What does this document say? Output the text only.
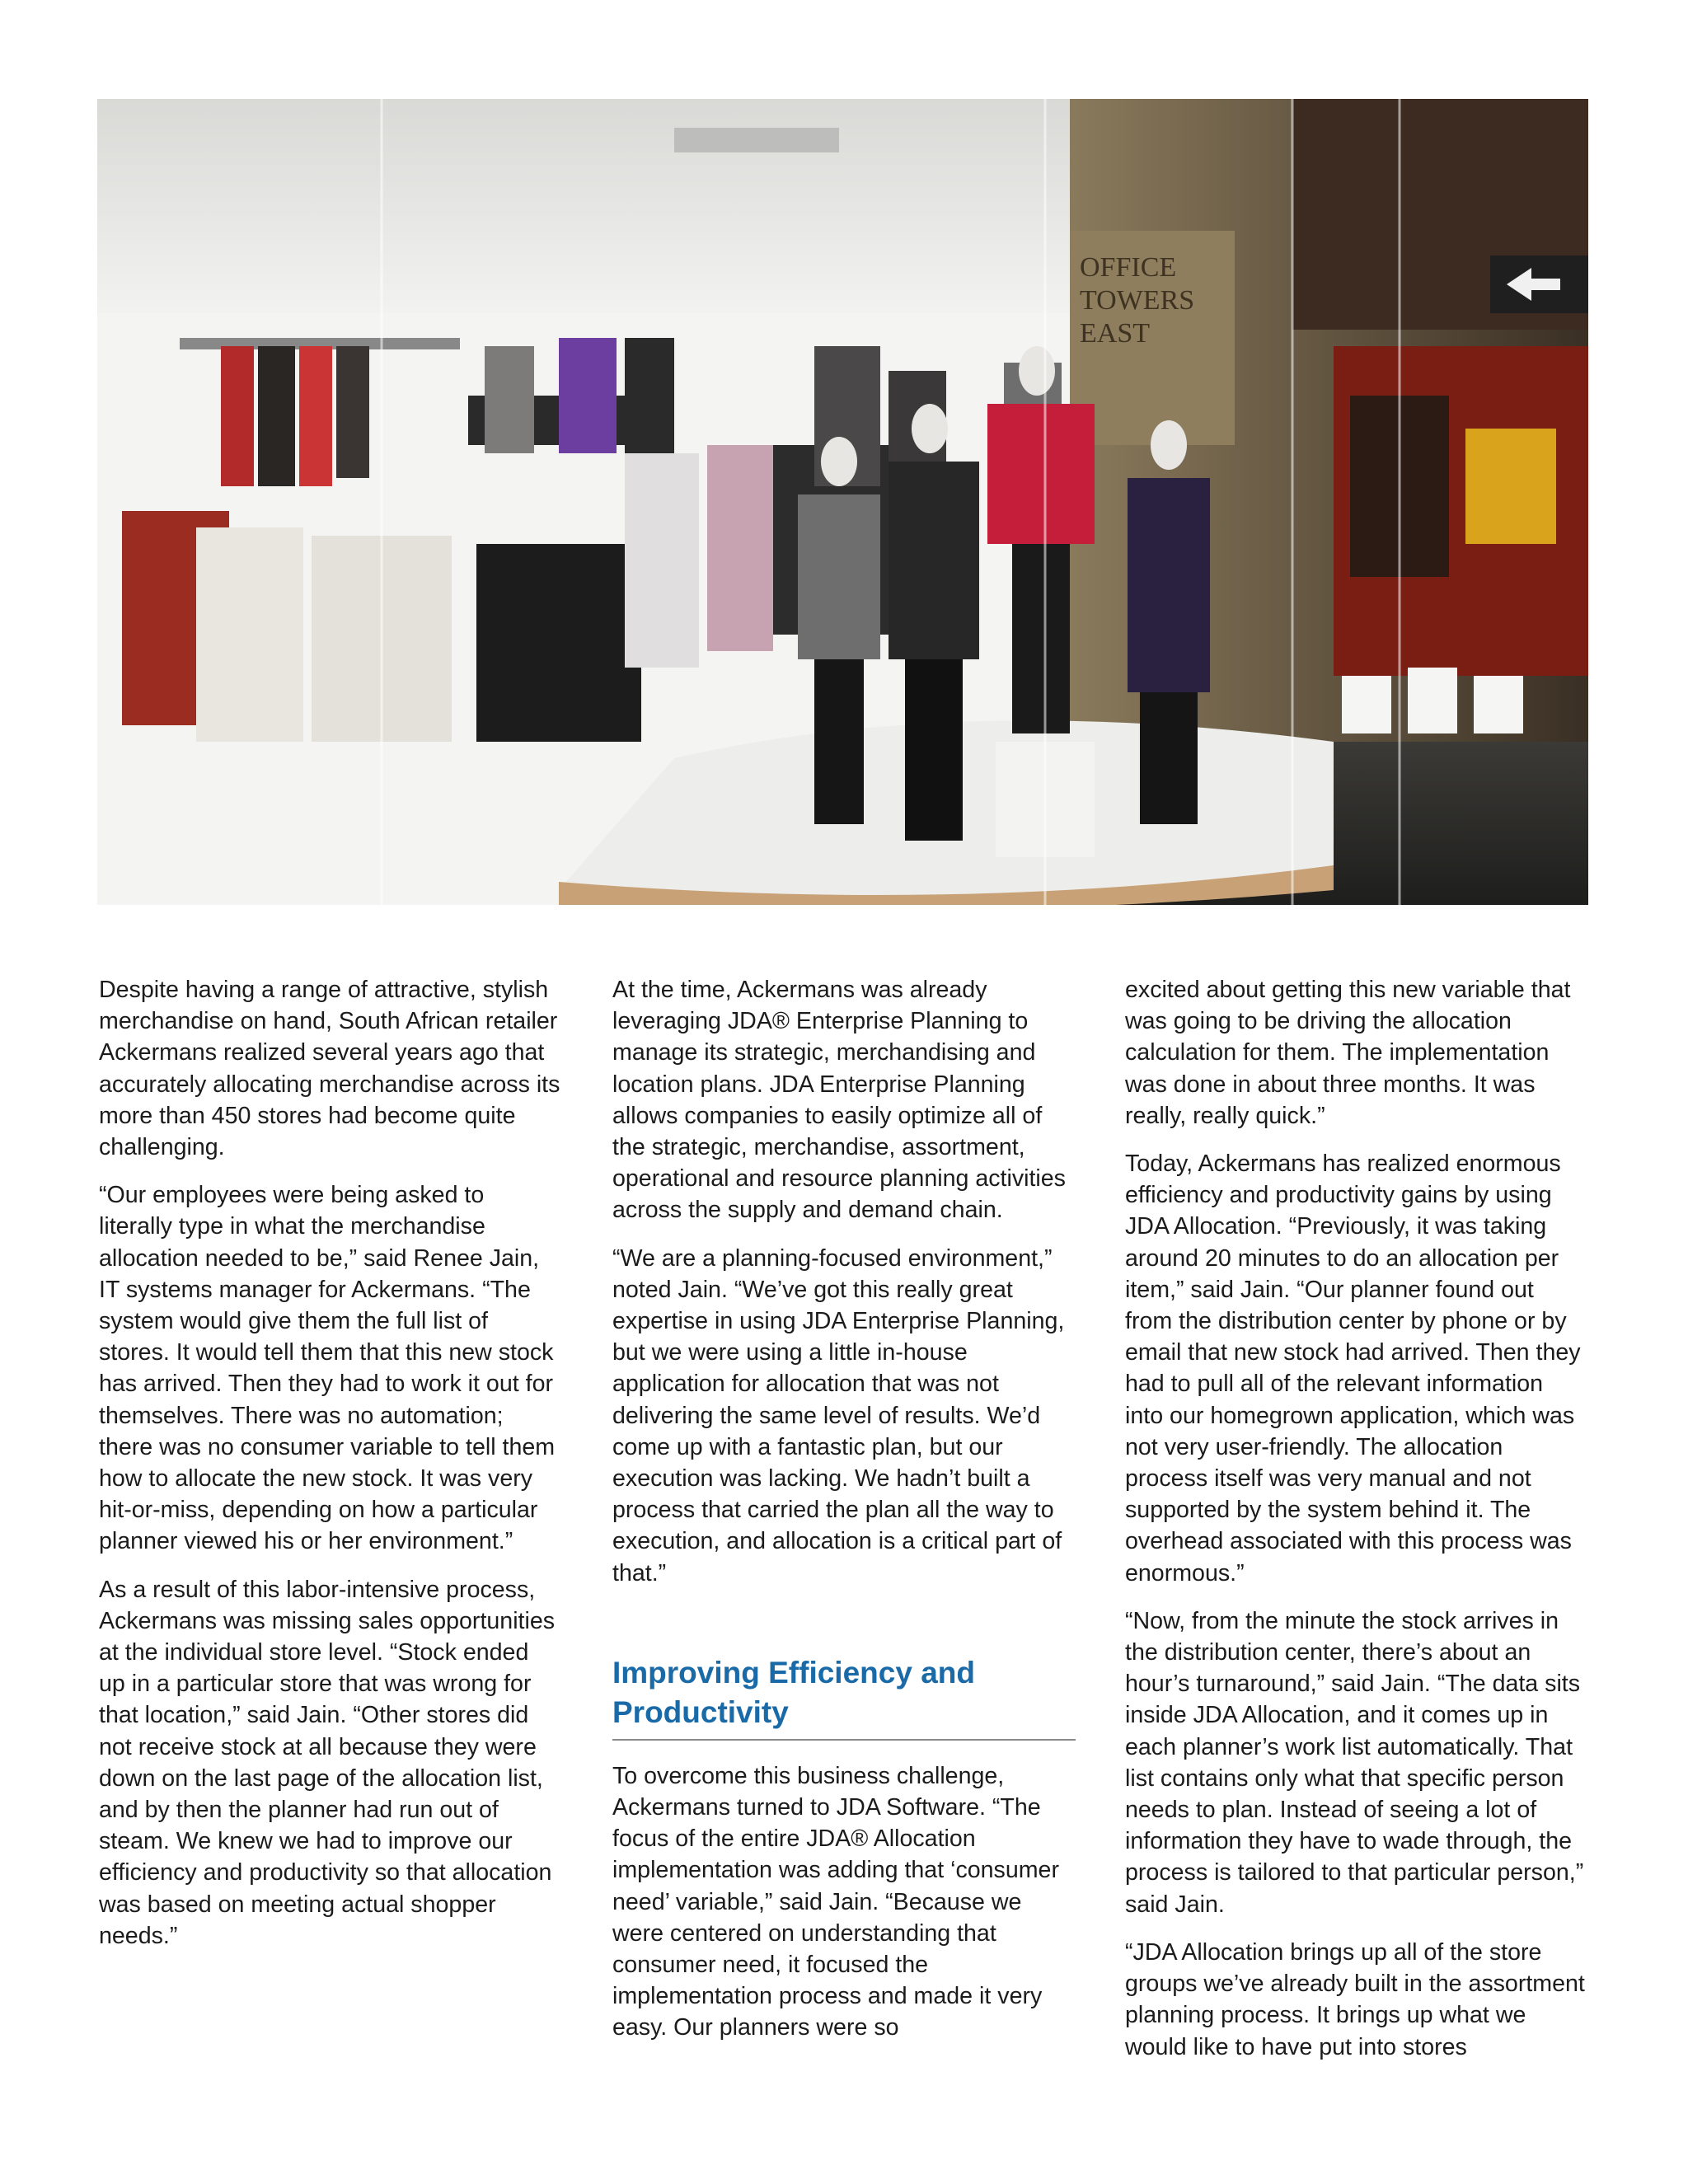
OFFICE
TOWERS
EAST

Despite having a range of attractive, stylish merchandise on hand, South African retailer Ackermans realized several years ago that accurately allocating merchandise across its more than 450 stores had become quite challenging.

“Our employees were being asked to literally type in what the merchandise allocation needed to be,” said Renee Jain, IT systems manager for Ackermans. “The system would give them the full list of stores. It would tell them that this new stock has arrived. Then they had to work it out for themselves. There was no automation; there was no consumer variable to tell them how to allocate the new stock. It was very hit-or-miss, depending on how a particular planner viewed his or her environment.”

As a result of this labor-intensive process, Ackermans was missing sales opportunities at the individual store level. “Stock ended up in a particular store that was wrong for that location,” said Jain. “Other stores did not receive stock at all because they were down on the last page of the allocation list, and by then the planner had run out of steam. We knew we had to improve our efficiency and productivity so that allocation was based on meeting actual shopper needs.”

At the time, Ackermans was already leveraging JDA® Enterprise Planning to manage its strategic, merchandising and location plans. JDA Enterprise Planning allows companies to easily optimize all of the strategic, merchandise, assortment, operational and resource planning activities across the supply and demand chain.

“We are a planning-focused environment,” noted Jain. “We’ve got this really great expertise in using JDA Enterprise Planning, but we were using a little in-house application for allocation that was not delivering the same level of results. We’d come up with a fantastic plan, but our execution was lacking. We hadn’t built a process that carried the plan all the way to execution, and allocation is a critical part of that.”

Improving Efficiency and Productivity

To overcome this business challenge, Ackermans turned to JDA Software. “The focus of the entire JDA® Allocation implementation was adding that ‘consumer need’ variable,” said Jain. “Because we were centered on understanding that consumer need, it focused the implementation process and made it very easy. Our planners were so

excited about getting this new variable that was going to be driving the allocation calculation for them. The implementation was done in about three months. It was really, really quick.”

Today, Ackermans has realized enormous efficiency and productivity gains by using JDA Allocation. “Previously, it was taking around 20 minutes to do an allocation per item,” said Jain. “Our planner found out from the distribution center by phone or by email that new stock had arrived. Then they had to pull all of the relevant information into our homegrown application, which was not very user-friendly. The allocation process itself was very manual and not supported by the system behind it. The overhead associated with this process was enormous.”

“Now, from the minute the stock arrives in the distribution center, there’s about an hour’s turnaround,” said Jain. “The data sits inside JDA Allocation, and it comes up in each planner’s work list automatically. That list contains only what that specific person needs to plan. Instead of seeing a lot of information they have to wade through, the process is tailored to that particular person,” said Jain.

“JDA Allocation brings up all of the store groups we’ve already built in the assortment planning process. It brings up what we would like to have put into stores
